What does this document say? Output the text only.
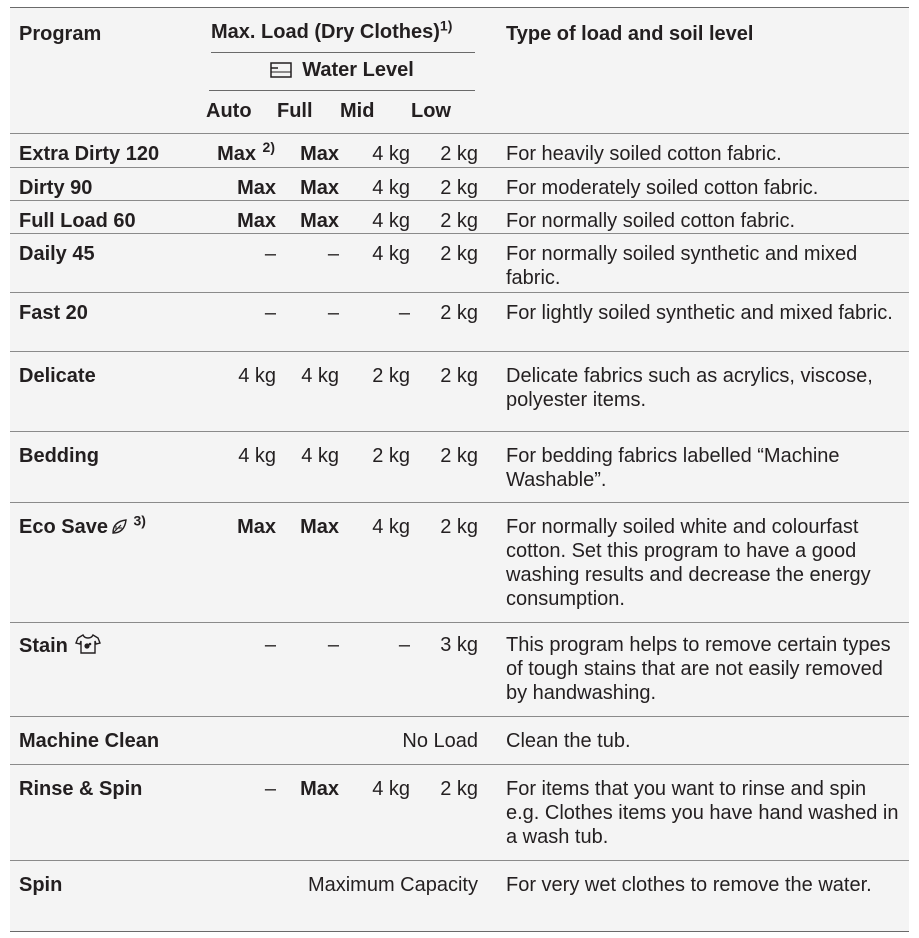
Program	Max. Load (Dry Clothes)$^{1)}$				Type of load and soil level

	Water Level				

	Auto	Full	Mid	Low	
Extra Dirty 120	Max 2)	Max	4 kg	2 kg	For heavily soiled cotton fabric.
Dirty 90	Max	Max	4 kg	2 kg	For moderately soiled cotton fabric.
Full Load 60	Max	Max	4 kg	2 kg	For normally soiled cotton fabric.
Daily 45	–	–	4 kg	2 kg	For normally soiled synthetic and mixed fabric.
Fast 20	–	–	–	2 kg	For lightly soiled synthetic and mixed fabric.
Delicate	4 kg	4 kg	2 kg	2 kg	Delicate fabrics such as acrylics, viscose, polyester items.
Bedding	4 kg	4 kg	2 kg	2 kg	For bedding fabrics labelled “Machine Washable”.
Eco Save $^{3)}$	Max	Max	4 kg	2 kg	For normally soiled white and colourfast cotton. Set this program to have a good washing results and decrease the energy consumption.
Stain	–	–	–	3 kg	This program helps to remove certain types of tough stains that are not easily removed by handwashing.
Machine Clean	No Load				Clean the tub.
Rinse & Spin	–	Max	4 kg	2 kg	For items that you want to rinse and spin e.g. Clothes items you have hand washed in a wash tub.
Spin	Maximum Capacity				For very wet clothes to remove the water.
